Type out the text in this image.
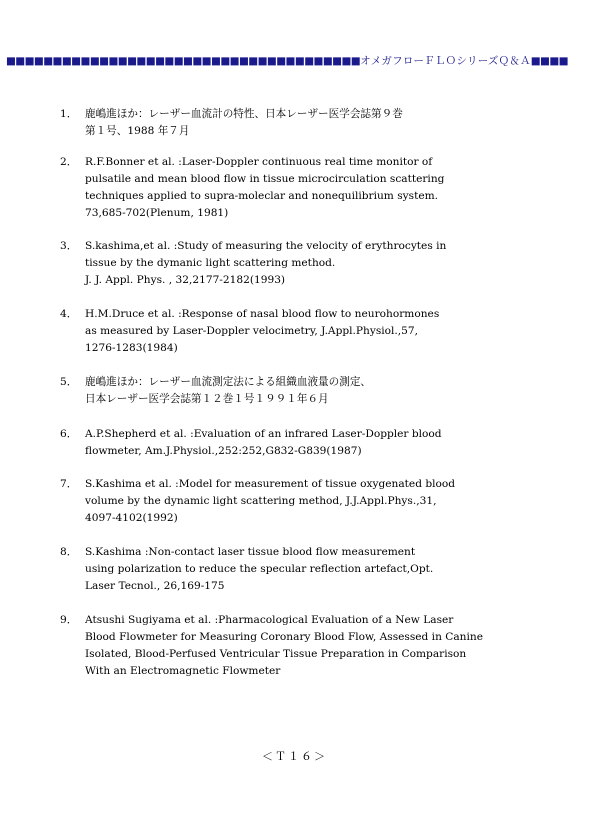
■■■■■■■■■■■■■■■■■■■■■■■■■■■■■■■■■■■■■■ オメガフローＦＬＯシリーズＱ＆Ａ ■■■■
1． 鹿嶋進ほか：レーザー血流計の特性、日本レーザー医学会誌第９巻
第１号、1988 年７月
2． R.F.Bonner et al. :Laser-Doppler continuous real time monitor of
pulsatile and mean blood flow in tissue microcirculation scattering
techniques applied to supra-moleclar and nonequilibrium system.
73,685-702(Plenum, 1981)
3． S.kashima,et al. :Study of measuring the velocity of erythrocytes in
tissue by the dymanic light scattering method.
J. J. Appl. Phys. , 32,2177-2182(1993)
4． H.M.Druce et al. :Response of nasal blood flow to neurohormones
as measured by Laser-Doppler velocimetry, J.Appl.Physiol.,57,
1276-1283(1984)
5． 鹿嶋進ほか：レーザー血流測定法による組織血液量の測定、
日本レーザー医学会誌第１２巻１号１９９１年６月
6． A.P.Shepherd et al. :Evaluation of an infrared Laser-Doppler blood
flowmeter, Am.J.Physiol.,252:252,G832-G839(1987)
7． S.Kashima et al. :Model for measurement of tissue oxygenated blood
volume by the dynamic light scattering method, J.J.Appl.Phys.,31,
4097-4102(1992)
8． S.Kashima :Non-contact laser tissue blood flow measurement
using polarization to reduce the specular reflection artefact,Opt.
Laser Tecnol., 26,169-175
9． Atsushi Sugiyama et al. :Pharmacological Evaluation of a New Laser
Blood Flowmeter for Measuring Coronary Blood Flow, Assessed in Canine
Isolated, Blood-Perfused Ventricular Tissue Preparation in Comparison
With an Electromagnetic Flowmeter
＜Ｔ１６＞
